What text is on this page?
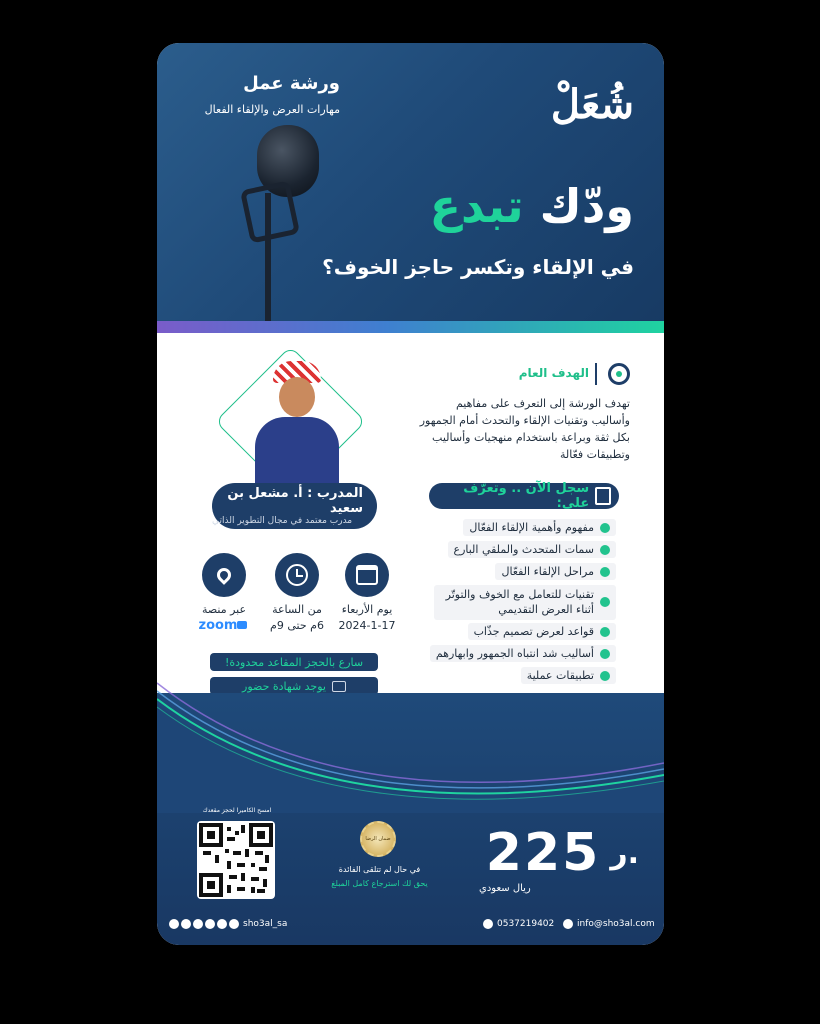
شُعَلْ
ورشة عمل
مهارات العرض والإلقاء الفعال
ودّك تبدع
في الإلقاء وتكسر حاجز الخوف؟
الهدف العام
تهدف الورشة إلى التعرف على مفاهيم وأساليب وتقنيات الإلقاء والتحدث أمام الجمهور بكل ثقة وبراعة باستخدام منهجيات وأساليب وتطبيقات فعّالة
سجل الآن .. وتعرّف على:
مفهوم وأهمية الإلقاء الفعّال
سمات المتحدث والملقي البارع
مراحل الإلقاء الفعّال
تقنيات للتعامل مع الخوف والتوتّر أثناء العرض التقديمي
قواعد لعرض تصميم جذّاب
أساليب شد انتباه الجمهور وابهارهم
تطبيقات عملية
المدرب : أ. مشعل بن سعيد
مدرب معتمد في مجال التطوير الذاتي
يوم الأربعاء
2024-1-17
من الساعة
6م حتى 9م
عبر منصة
zoom
سارع بالحجز المقاعد محدودة!
يوجد شهادة حضور
225 ر.
ريال سعودي
ضمان الرضا
في حال لم تتلقى الفائدة
يحق لك استرجاع كامل المبلغ
امسح الكاميرا لحجز مقعدك
sho3al_sa	0537219402	info@sho3al.com
